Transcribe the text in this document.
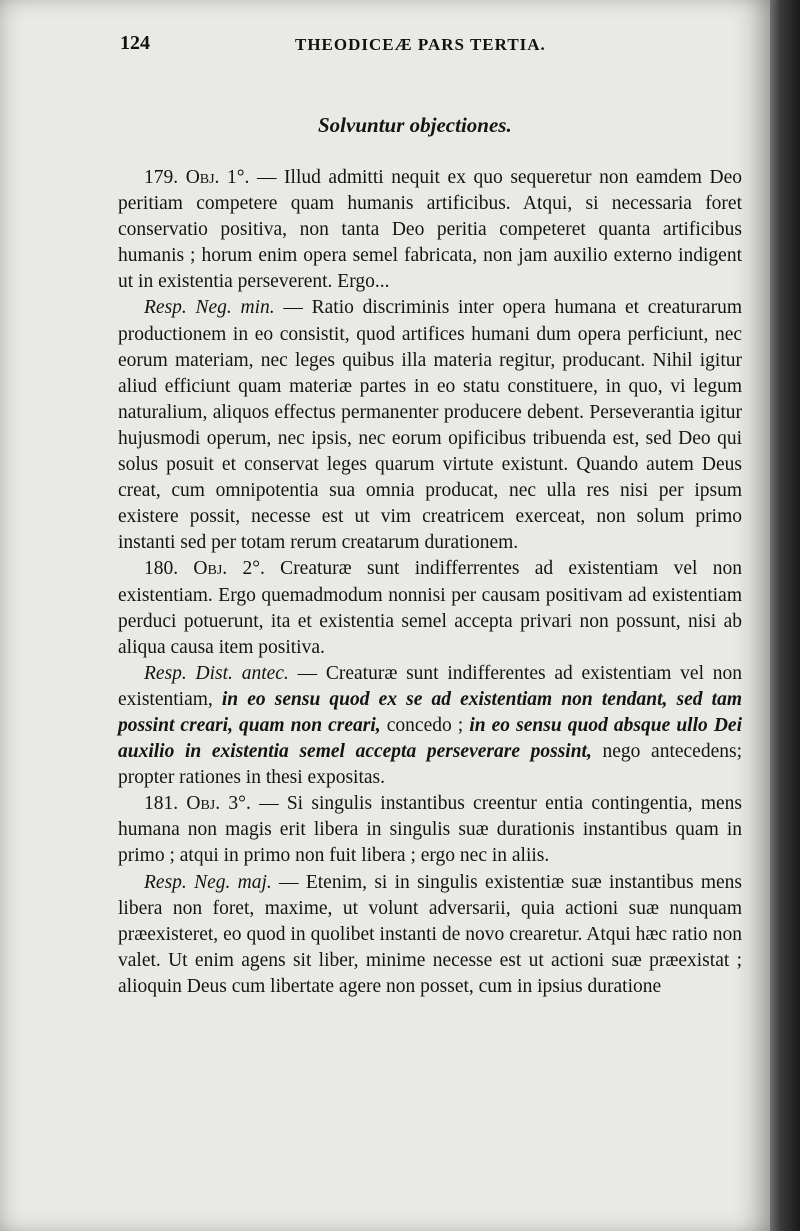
124	THEODICEÆ PARS TERTIA.
Solvuntur objectiones.

179. Obj. 1°. — Illud admitti nequit ex quo sequeretur non eamdem Deo peritiam competere quam humanis artificibus. Atqui, si necessaria foret conservatio positiva, non tanta Deo peritia competeret quanta artificibus humanis ; horum enim opera semel fabricata, non jam auxilio externo indigent ut in existentia perseverent. Ergo...

Resp. Neg. min. — Ratio discriminis inter opera humana et creaturarum productionem in eo consistit, quod artifices humani dum opera perficiunt, nec eorum materiam, nec leges quibus illa materia regitur, producant. Nihil igitur aliud efficiunt quam materiæ partes in eo statu constituere, in quo, vi legum naturalium, aliquos effectus permanenter producere debent. Perseverantia igitur hujusmodi operum, nec ipsis, nec eorum opificibus tribuenda est, sed Deo qui solus posuit et conservat leges quarum virtute existunt. Quando autem Deus creat, cum omnipotentia sua omnia producat, nec ulla res nisi per ipsum existere possit, necesse est ut vim creatricem exerceat, non solum primo instanti sed per totam rerum creatarum durationem.

180. Obj. 2°. Creaturæ sunt indifferrentes ad existentiam vel non existentiam. Ergo quemadmodum nonnisi per causam positivam ad existentiam perduci potuerunt, ita et existentia semel accepta privari non possunt, nisi ab aliqua causa item positiva.

Resp. Dist. antec. — Creaturæ sunt indifferentes ad existentiam vel non existentiam, in eo sensu quod ex se ad existentiam non tendant, sed tam possint creari, quam non creari, concedo ; in eo sensu quod absque ullo Dei auxilio in existentia semel accepta perseverare possint, nego antecedens; propter rationes in thesi expositas.

181. Obj. 3°. — Si singulis instantibus creentur entia contingentia, mens humana non magis erit libera in singulis suæ durationis instantibus quam in primo ; atqui in primo non fuit libera ; ergo nec in aliis.

Resp. Neg. maj. — Etenim, si in singulis existentiæ suæ instantibus mens libera non foret, maxime, ut volunt adversarii, quia actioni suæ nunquam præexisteret, eo quod in quolibet instanti de novo crearetur. Atqui hæc ratio non valet. Ut enim agens sit liber, minime necesse est ut actioni suæ præexistat ; alioquin Deus cum libertate agere non posset, cum in ipsius duratione
